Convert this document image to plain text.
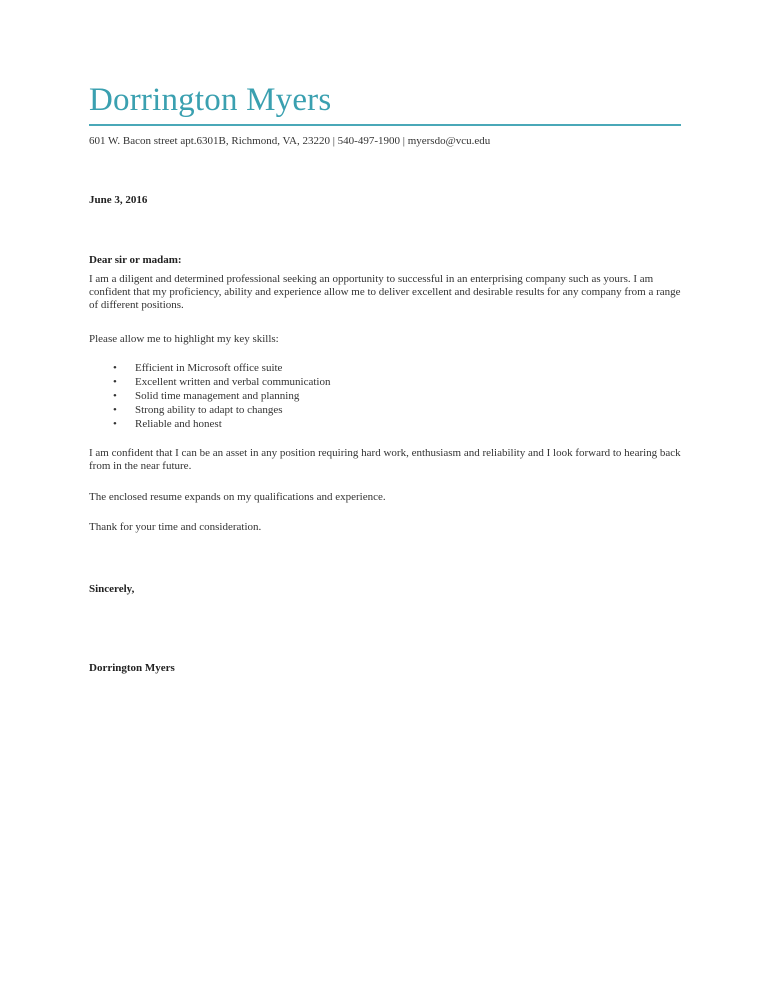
Dorrington Myers
601 W. Bacon street apt.6301B, Richmond, VA, 23220 | 540-497-1900 | myersdo@vcu.edu
June 3, 2016
Dear sir or madam:
I am a diligent and determined professional seeking an opportunity to successful in an enterprising company such as yours. I am confident that my proficiency, ability and experience allow me to deliver excellent and desirable results for any company from a range of different positions.
Please allow me to highlight my key skills:
• Efficient in Microsoft office suite
• Excellent written and verbal communication
• Solid time management and planning
• Strong ability to adapt to changes
• Reliable and honest
I am confident that I can be an asset in any position requiring hard work, enthusiasm and reliability and I look forward to hearing back from in the near future.
The enclosed resume expands on my qualifications and experience.
Thank for your time and consideration.
Sincerely,
Dorrington Myers
